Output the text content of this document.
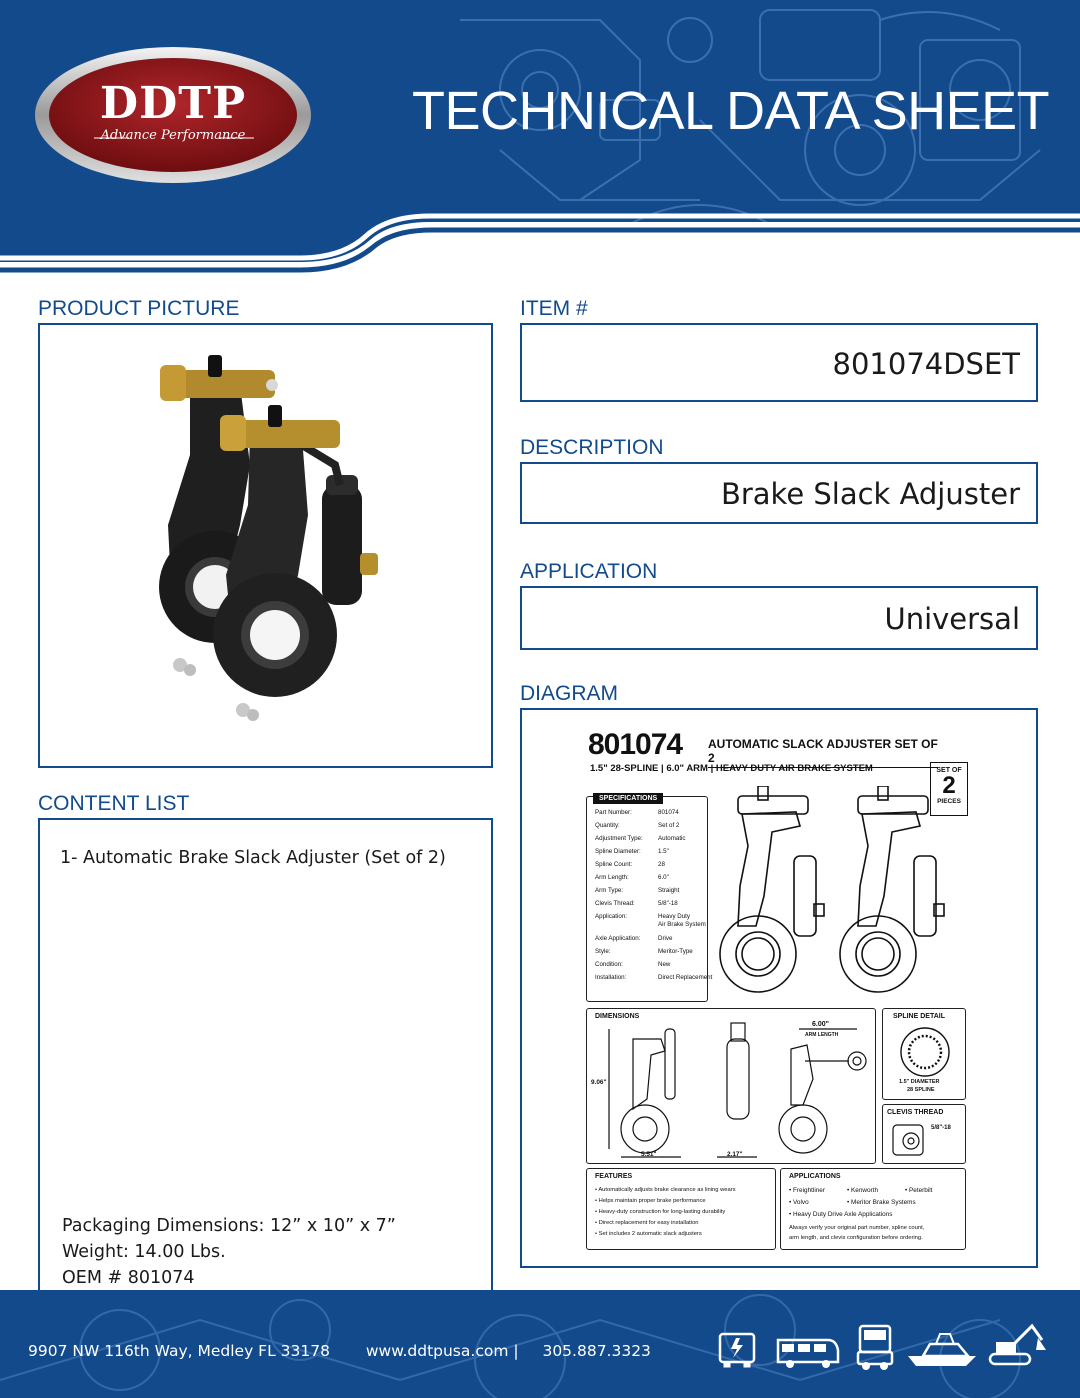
DDTP
Advance Performance	TECHNICAL DATA SHEET
PRODUCT PICTURE
CONTENT LIST
1- Automatic Brake Slack Adjuster (Set of 2)
Packaging Dimensions: 12” x 10” x 7”
Weight: 14.00 Lbs.
OEM # 801074
ITEM #
801074DSET
DESCRIPTION
Brake Slack Adjuster
APPLICATION
Universal
DIAGRAM
801074 AUTOMATIC SLACK ADJUSTER SET OF 2
1.5" 28-SPLINE | 6.0" ARM | HEAVY DUTY AIR BRAKE SYSTEM	SET OF
2
PIECES
SPECIFICATIONS
Part Number:	801074
Quantity:	Set of 2
Adjustment Type: Automatic
Spline Diameter:	1.5"
Spline Count:	28
Arm Length:	6.0"
Arm Type:	Straight
Clevis Thread:	5/8"-18
Application:	Heavy Duty
Air Brake System
Axle Application:	Drive
Style:	Meritor-Type
Condition:	New
Installation:	Direct Replacement
DIMENSIONS
9.06"
5.51"	2.17"
6.00"
ARM LENGTH
SPLINE DETAIL
1.5" DIAMETER
28 SPLINE
CLEVIS THREAD
5/8"-18
FEATURES
• Automatically adjusts brake clearance as lining wears
• Helps maintain proper brake performance
• Heavy-duty construction for long-lasting durability
• Direct replacement for easy installation
• Set includes 2 automatic slack adjusters
APPLICATIONS
• Freightliner
• Volvo
• Heavy Duty Drive Axle Applications
• Kenworth
• Meritor Brake Systems
• Peterbilt
Always verify your original part number, spline count,
arm length, and clevis configuration before ordering.
9907 NW 116th Way, Medley FL 33178 www.ddtpusa.com | 305.887.3323
